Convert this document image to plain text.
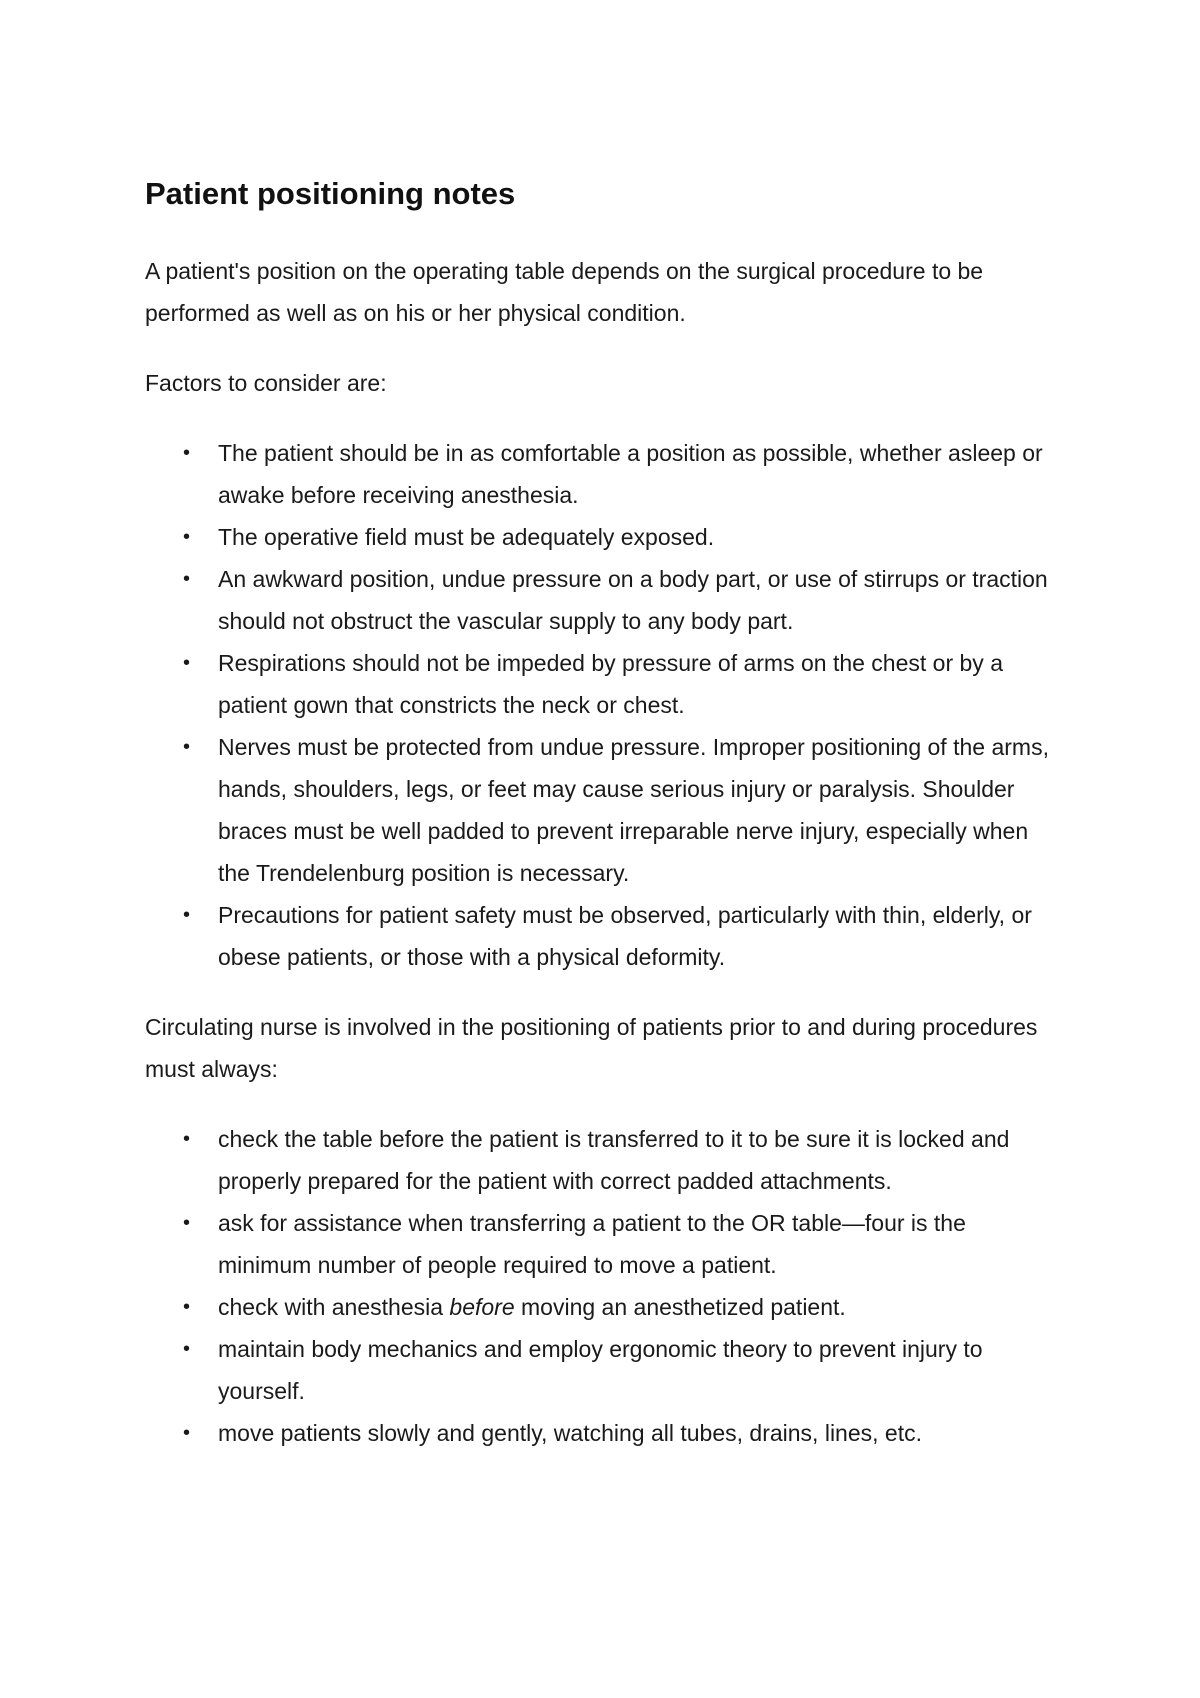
Patient positioning notes

A patient's position on the operating table depends on the surgical procedure to be performed as well as on his or her physical condition.

Factors to consider are:

• The patient should be in as comfortable a position as possible, whether asleep or awake before receiving anesthesia.
• The operative field must be adequately exposed.
• An awkward position, undue pressure on a body part, or use of stirrups or traction should not obstruct the vascular supply to any body part.
• Respirations should not be impeded by pressure of arms on the chest or by a patient gown that constricts the neck or chest.
• Nerves must be protected from undue pressure. Improper positioning of the arms, hands, shoulders, legs, or feet may cause serious injury or paralysis. Shoulder braces must be well padded to prevent irreparable nerve injury, especially when the Trendelenburg position is necessary.
• Precautions for patient safety must be observed, particularly with thin, elderly, or obese patients, or those with a physical deformity.

Circulating nurse is involved in the positioning of patients prior to and during procedures must always:

• check the table before the patient is transferred to it to be sure it is locked and properly prepared for the patient with correct padded attachments.
• ask for assistance when transferring a patient to the OR table—four is the minimum number of people required to move a patient.
• check with anesthesia before moving an anesthetized patient.
• maintain body mechanics and employ ergonomic theory to prevent injury to yourself.
• move patients slowly and gently, watching all tubes, drains, lines, etc.
